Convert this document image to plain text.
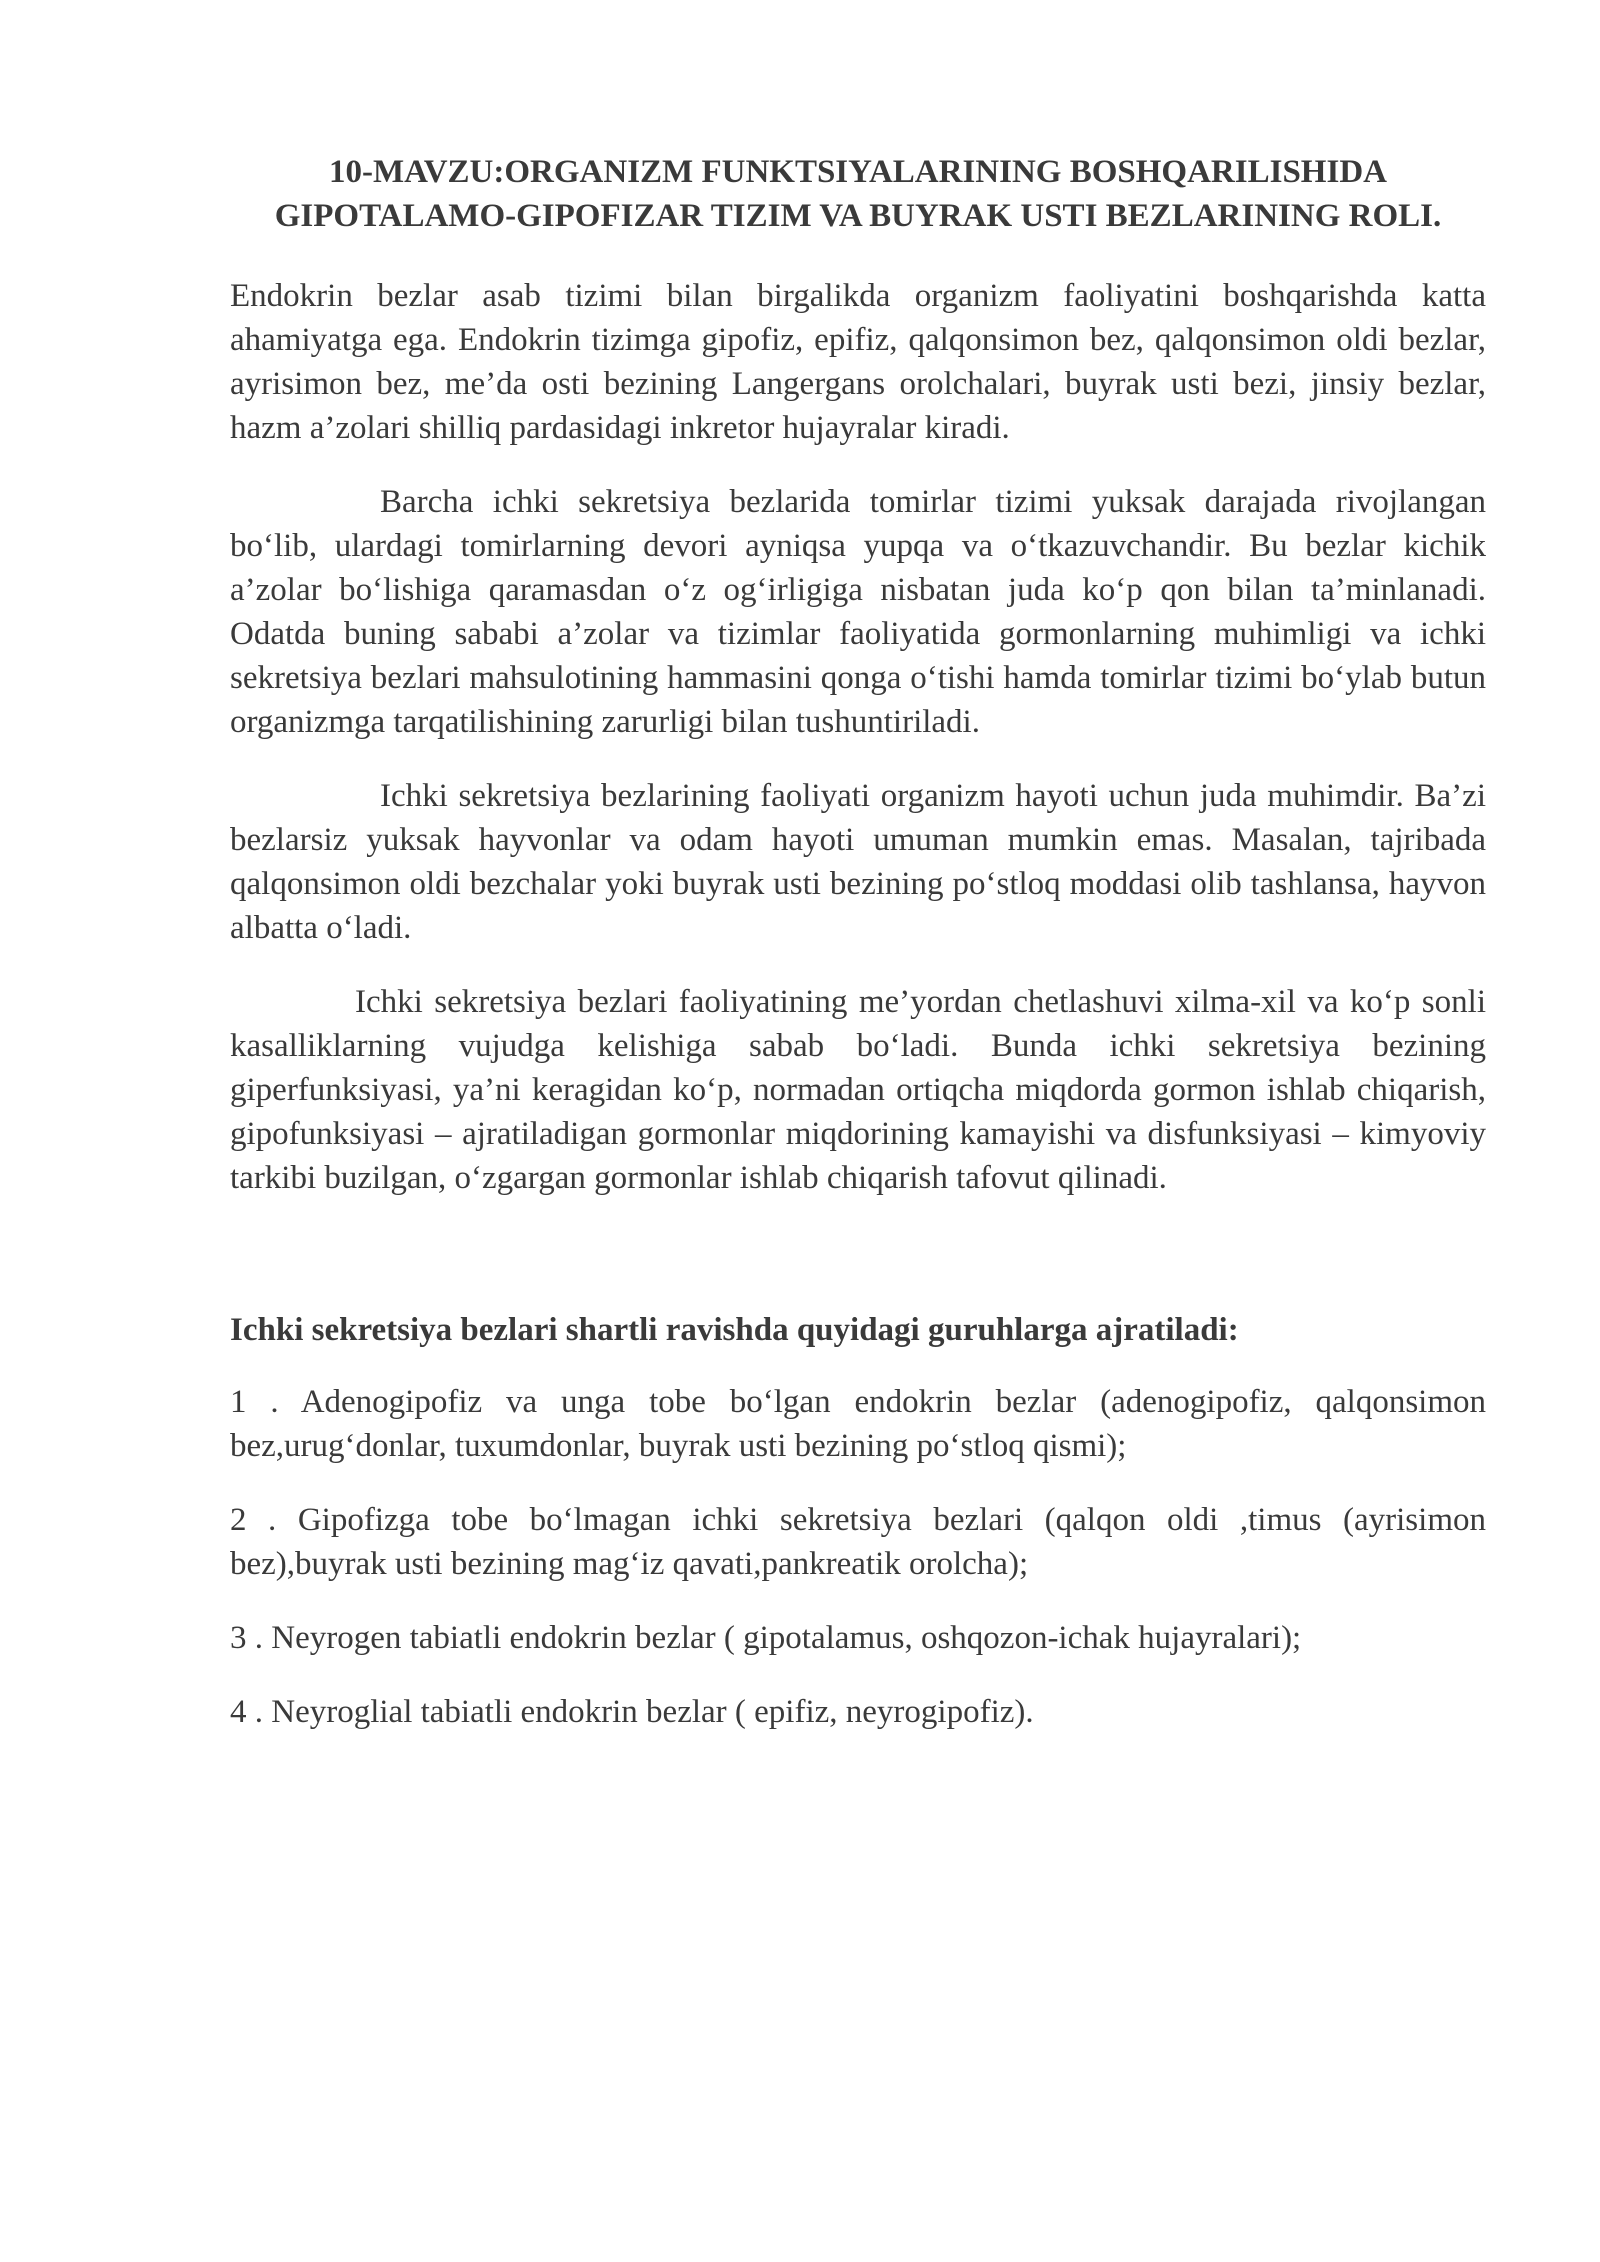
10-MAVZU:ORGANIZM FUNKTSIYALARINING BOSHQARILISHIDA GIPOTALAMO-GIPOFIZAR TIZIM VA BUYRAK USTI BEZLARINING ROLI.

Endokrin bezlar asab tizimi bilan birgalikda organizm faoliyatini boshqarishda katta ahamiyatga ega. Endokrin tizimga gipofiz, epifiz, qalqonsimon bez, qalqonsimon oldi bezlar, ayrisimon bez, me’da osti bezining Langergans orolchalari, buyrak usti bezi, jinsiy bezlar, hazm a’zolari shilliq pardasidagi inkretor hujayralar kiradi.

Barcha ichki sekretsiya bezlarida tomirlar tizimi yuksak darajada rivojlangan bo‘lib, ulardagi tomirlarning devori ayniqsa yupqa va o‘tkazuvchandir. Bu bezlar kichik a’zolar bo‘lishiga qaramasdan o‘z og‘irligiga nisbatan juda ko‘p qon bilan ta’minlanadi. Odatda buning sababi a’zolar va tizimlar faoliyatida gormonlarning muhimligi va ichki sekretsiya bezlari mahsulotining hammasini qonga o‘tishi hamda tomirlar tizimi bo‘ylab butun organizmga tarqatilishining zarurligi bilan tushuntiriladi.

Ichki sekretsiya bezlarining faoliyati organizm hayoti uchun juda muhimdir. Ba’zi bezlarsiz yuksak hayvonlar va odam hayoti umuman mumkin emas. Masalan, tajribada qalqonsimon oldi bezchalar yoki buyrak usti bezining po‘stloq moddasi olib tashlansa, hayvon albatta o‘ladi.

Ichki sekretsiya bezlari faoliyatining me’yordan chetlashuvi xilma-xil va ko‘p sonli kasalliklarning vujudga kelishiga sabab bo‘ladi. Bunda ichki sekretsiya bezining giperfunksiyasi, ya’ni keragidan ko‘p, normadan ortiqcha miqdorda gormon ishlab chiqarish, gipofunksiyasi – ajratiladigan gormonlar miqdorining kamayishi va disfunksiyasi – kimyoviy tarkibi buzilgan, o‘zgargan gormonlar ishlab chiqarish tafovut qilinadi.

Ichki sekretsiya bezlari shartli ravishda quyidagi guruhlarga ajratiladi:

1 . Adenogipofiz va unga tobe bo‘lgan endokrin bezlar (adenogipofiz, qalqonsimon bez,urug‘donlar, tuxumdonlar, buyrak usti bezining po‘stloq qismi);

2 . Gipofizga tobe bo‘lmagan ichki sekretsiya bezlari (qalqon oldi ,timus (ayrisimon bez),buyrak usti bezining mag‘iz qavati,pankreatik orolcha);

3 . Neyrogen tabiatli endokrin bezlar ( gipotalamus, oshqozon-ichak hujayralari);

4 . Neyroglial tabiatli endokrin bezlar ( epifiz, neyrogipofiz).
